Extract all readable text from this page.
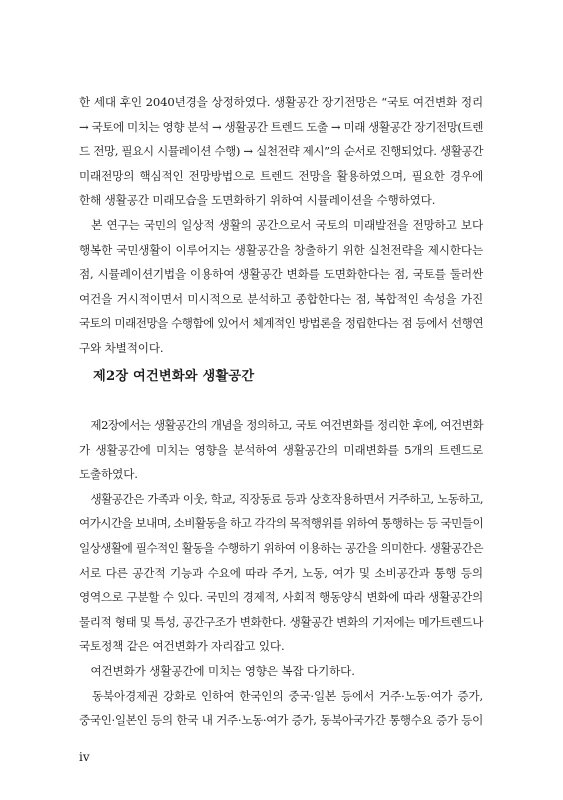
한 세대 후인 2040년경을 상정하였다. 생활공간 장기전망은 “국토 여건변화 정리

→ 국토에 미치는 영향 분석 → 생활공간 트렌드 도출 → 미래 생활공간 장기전망(트렌

드 전망, 필요시 시뮬레이션 수행) → 실천전략 제시”의 순서로 진행되었다. 생활공간

미래전망의 핵심적인 전망방법으로 트렌드 전망을 활용하였으며, 필요한 경우에

한해 생활공간 미래모습을 도면화하기 위하여 시뮬레이션을 수행하였다.

　본 연구는 국민의 일상적 생활의 공간으로서 국토의 미래발전을 전망하고 보다

행복한 국민생활이 이루어지는 생활공간을 창출하기 위한 실천전략을 제시한다는

점, 시뮬레이션기법을 이용하여 생활공간 변화를 도면화한다는 점, 국토를 둘러싼

여건을 거시적이면서 미시적으로 분석하고 종합한다는 점, 복합적인 속성을 가진

국토의 미래전망을 수행함에 있어서 체계적인 방법론을 정립한다는 점 등에서 선행연

구와 차별적이다.

제2장 여건변화와 생활공간

　제2장에서는 생활공간의 개념을 정의하고, 국토 여건변화를 정리한 후에, 여건변화

가 생활공간에 미치는 영향을 분석하여 생활공간의 미래변화를 5개의 트렌드로

도출하였다.

　생활공간은 가족과 이웃, 학교, 직장동료 등과 상호작용하면서 거주하고, 노동하고,

여가시간을 보내며, 소비활동을 하고 각각의 목적행위를 위하여 통행하는 등 국민들이

일상생활에 필수적인 활동을 수행하기 위하여 이용하는 공간을 의미한다. 생활공간은

서로 다른 공간적 기능과 수요에 따라 주거, 노동, 여가 및 소비공간과 통행 등의

영역으로 구분할 수 있다. 국민의 경제적, 사회적 행동양식 변화에 따라 생활공간의

물리적 형태 및 특성, 공간구조가 변화한다. 생활공간 변화의 기저에는 메가트렌드나

국토정책 같은 여건변화가 자리잡고 있다.

　여건변화가 생활공간에 미치는 영향은 복잡 다기하다.

　동북아경제권 강화로 인하여 한국인의 중국·일본 등에서 거주·노동·여가 증가,

중국인·일본인 등의 한국 내 거주·노동·여가 증가, 동북아국가간 통행수요 증가 등이

iv
